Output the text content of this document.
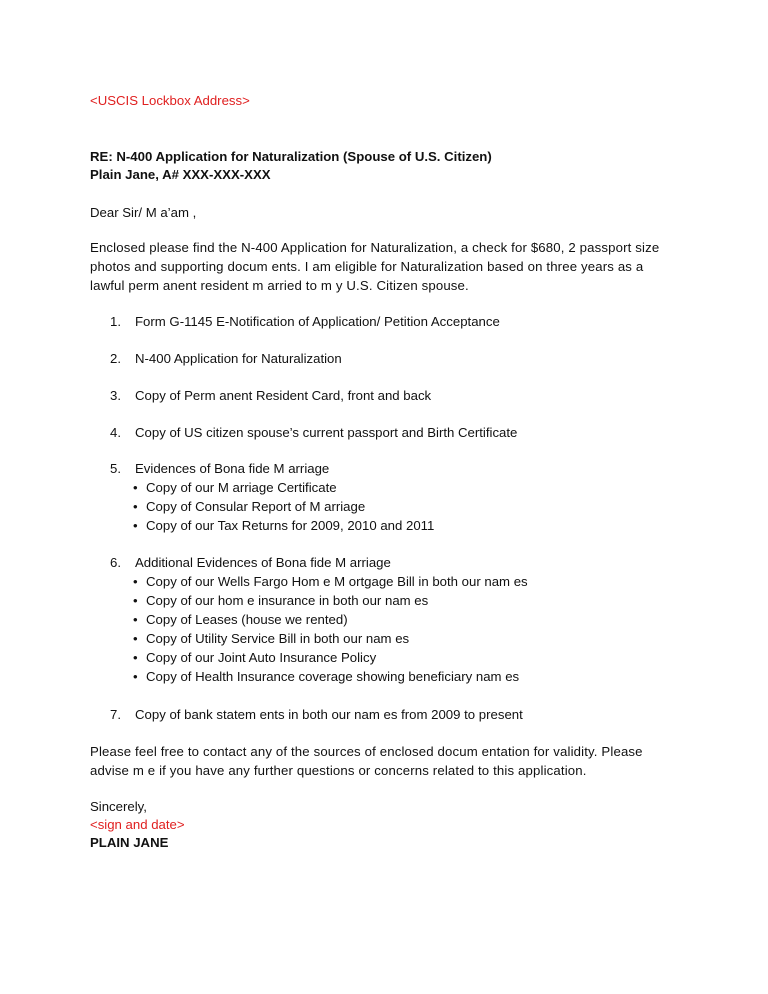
<USCIS Lockbox Address>
RE: N-400 Application for Naturalization (Spouse of U.S. Citizen)
Plain Jane, A# XXX-XXX-XXX
Dear Sir/ M a’am ,
Enclosed please find the N-400 Application for Naturalization, a check for $680, 2 passport size
photos and supporting docum ents. I am eligible for Naturalization based on three years as a
lawful perm anent resident m arried to m y U.S. Citizen spouse.
1.	Form G-1145 E-Notification of Application/ Petition Acceptance
2.	N-400 Application for Naturalization
3.	Copy of Perm anent Resident Card, front and back
4.	Copy of US citizen spouse’s current passport and Birth Certificate
5.	Evidences of Bona fide M arriage
• Copy of our M arriage Certificate
• Copy of Consular Report of M arriage
• Copy of our Tax Returns for 2009, 2010 and 2011
6.	Additional Evidences of Bona fide M arriage
• Copy of our Wells Fargo Hom e M ortgage Bill in both our nam es
• Copy of our hom e insurance in both our nam es
• Copy of Leases (house we rented)
• Copy of Utility Service Bill in both our nam es
• Copy of our Joint Auto Insurance Policy
• Copy of Health Insurance coverage showing beneficiary nam es
7.	Copy of bank statem ents in both our nam es from 2009 to present
Please feel free to contact any of the sources of enclosed docum entation for validity. Please
advise m e if you have any further questions or concerns related to this application.
Sincerely,
<sign and date>
PLAIN JANE
